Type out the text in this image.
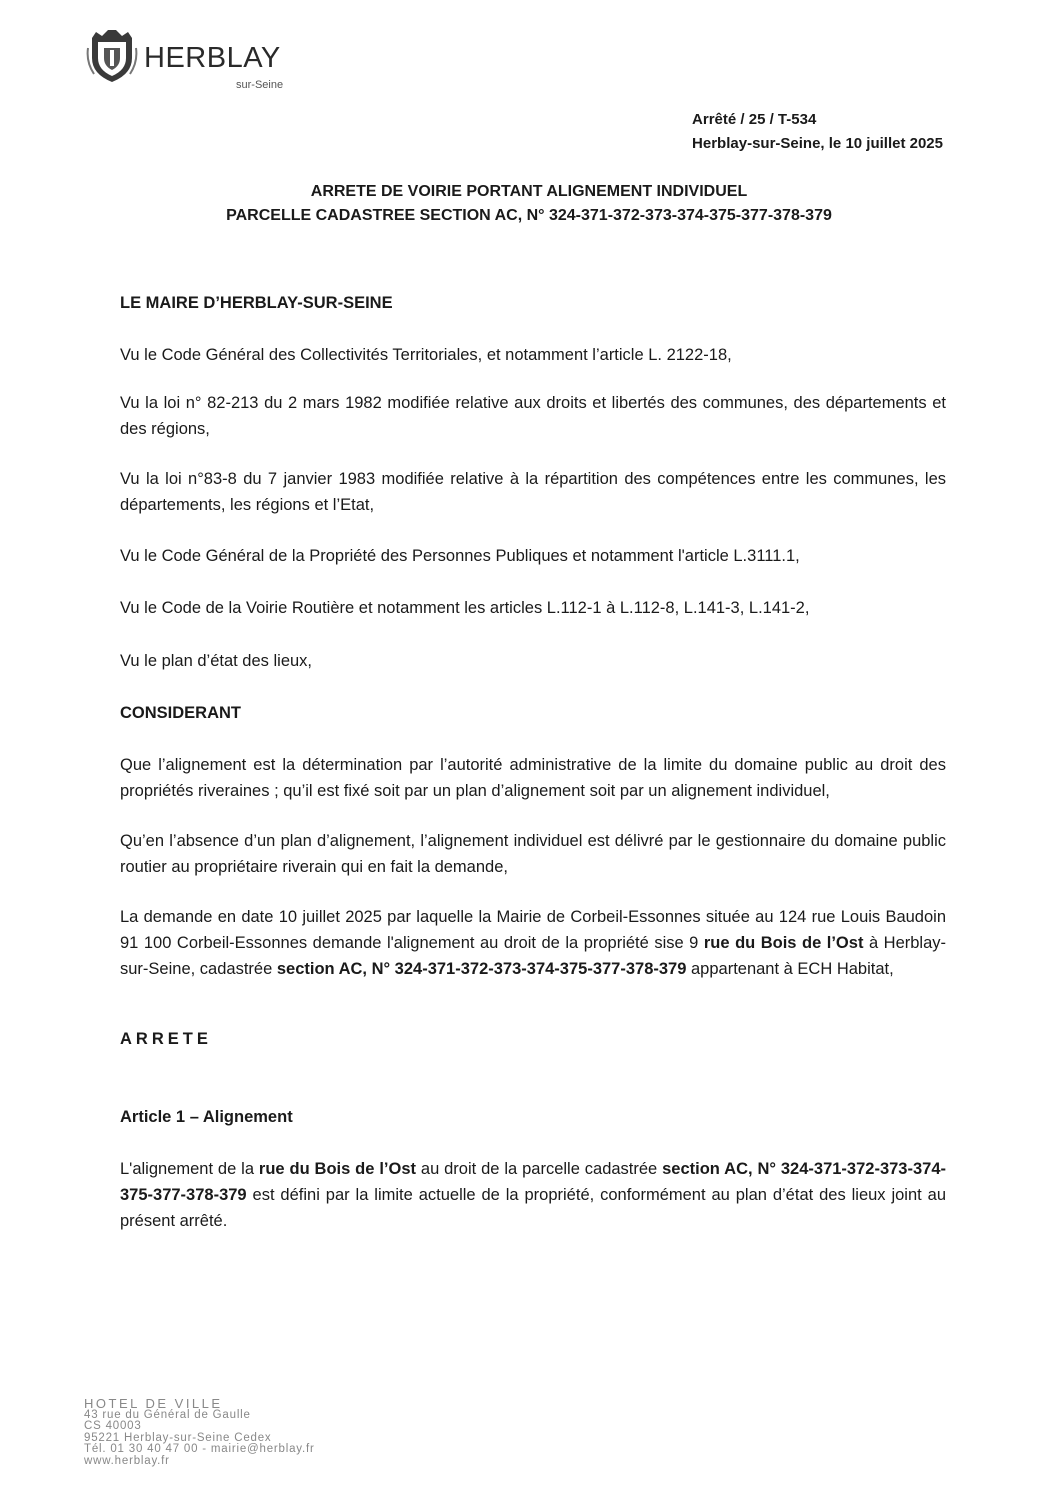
HERBLAY
sur-Seine
Arrêté / 25 / T-534
Herblay-sur-Seine, le 10 juillet 2025
ARRETE DE VOIRIE PORTANT ALIGNEMENT INDIVIDUEL
PARCELLE CADASTREE SECTION AC, N° 324-371-372-373-374-375-377-378-379

LE MAIRE D’HERBLAY-SUR-SEINE

Vu le Code Général des Collectivités Territoriales, et notamment l’article L. 2122-18,

Vu la loi n° 82-213 du 2 mars 1982 modifiée relative aux droits et libertés des communes, des départements et des régions,

Vu la loi n°83-8 du 7 janvier 1983 modifiée relative à la répartition des compétences entre les communes, les départements, les régions et l’Etat,

Vu le Code Général de la Propriété des Personnes Publiques et notamment l'article L.3111.1,

Vu le Code de la Voirie Routière et notamment les articles L.112-1 à L.112-8, L.141-3, L.141-2,

Vu le plan d’état des lieux,

CONSIDERANT

Que l’alignement est la détermination par l’autorité administrative de la limite du domaine public au droit des propriétés riveraines ; qu’il est fixé soit par un plan d’alignement soit par un alignement individuel,

Qu’en l’absence d’un plan d’alignement, l’alignement individuel est délivré par le gestionnaire du domaine public routier au propriétaire riverain qui en fait la demande,

La demande en date 10 juillet 2025 par laquelle la Mairie de Corbeil-Essonnes située au 124 rue Louis Baudoin 91 100 Corbeil-Essonnes demande l'alignement au droit de la propriété sise 9 rue du Bois de l’Ost à Herblay-sur-Seine, cadastrée section AC, N° 324-371-372-373-374-375-377-378-379 appartenant à ECH Habitat,

ARRETE

Article 1 – Alignement

L'alignement de la rue du Bois de l’Ost au droit de la parcelle cadastrée section AC, N° 324-371-372-373-374-375-377-378-379 est défini par la limite actuelle de la propriété, conformément au plan d’état des lieux joint au présent arrêté.

HOTEL DE VILLE
43 rue du Général de Gaulle
CS 40003
95221 Herblay-sur-Seine Cedex
Tél. 01 30 40 47 00 - mairie@herblay.fr
www.herblay.fr
